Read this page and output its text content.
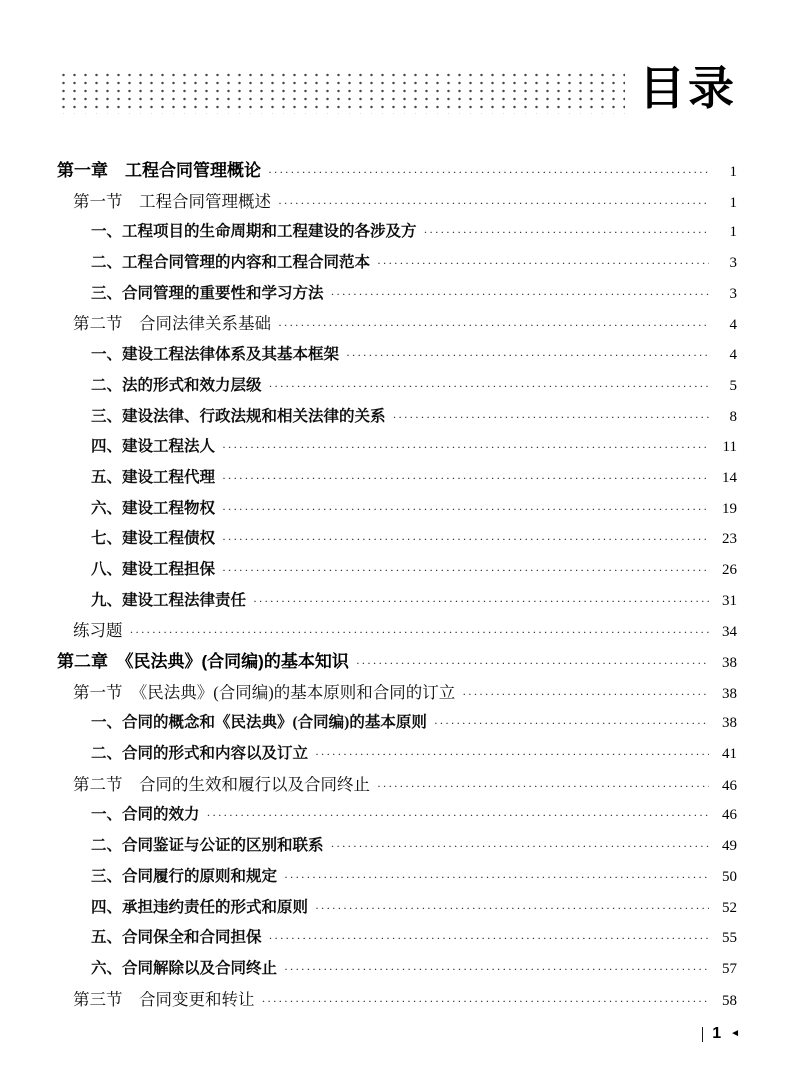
目录
第一章　工程合同管理概论 ·····	1
第一节　工程合同管理概述 ·····	1
一、工程项目的生命周期和工程建设的各涉及方 ·····	1
二、工程合同管理的内容和工程合同范本 ·····	3
三、合同管理的重要性和学习方法 ·····	3
第二节　合同法律关系基础 ·····	4
一、建设工程法律体系及其基本框架 ·····	4
二、法的形式和效力层级 ·····	5
三、建设法律、行政法规和相关法律的关系 ·····	8
四、建设工程法人 ·····	11
五、建设工程代理 ·····	14
六、建设工程物权 ·····	19
七、建设工程债权 ·····	23
八、建设工程担保 ·····	26
九、建设工程法律责任 ·····	31
练习题 ·····	34
第二章　《民法典》(合同编)的基本知识 ·····	38
第一节　《民法典》(合同编)的基本原则和合同的订立 ·····	38
一、合同的概念和《民法典》(合同编)的基本原则 ·····	38
二、合同的形式和内容以及订立 ·····	41
第二节　合同的生效和履行以及合同终止 ·····	46
一、合同的效力 ·····	46
二、合同鉴证与公证的区别和联系 ·····	49
三、合同履行的原则和规定 ·····	50
四、承担违约责任的形式和原则 ·····	52
五、合同保全和合同担保 ·····	55
六、合同解除以及合同终止 ·····	57
第三节　合同变更和转让 ·····	58
1 ◄
